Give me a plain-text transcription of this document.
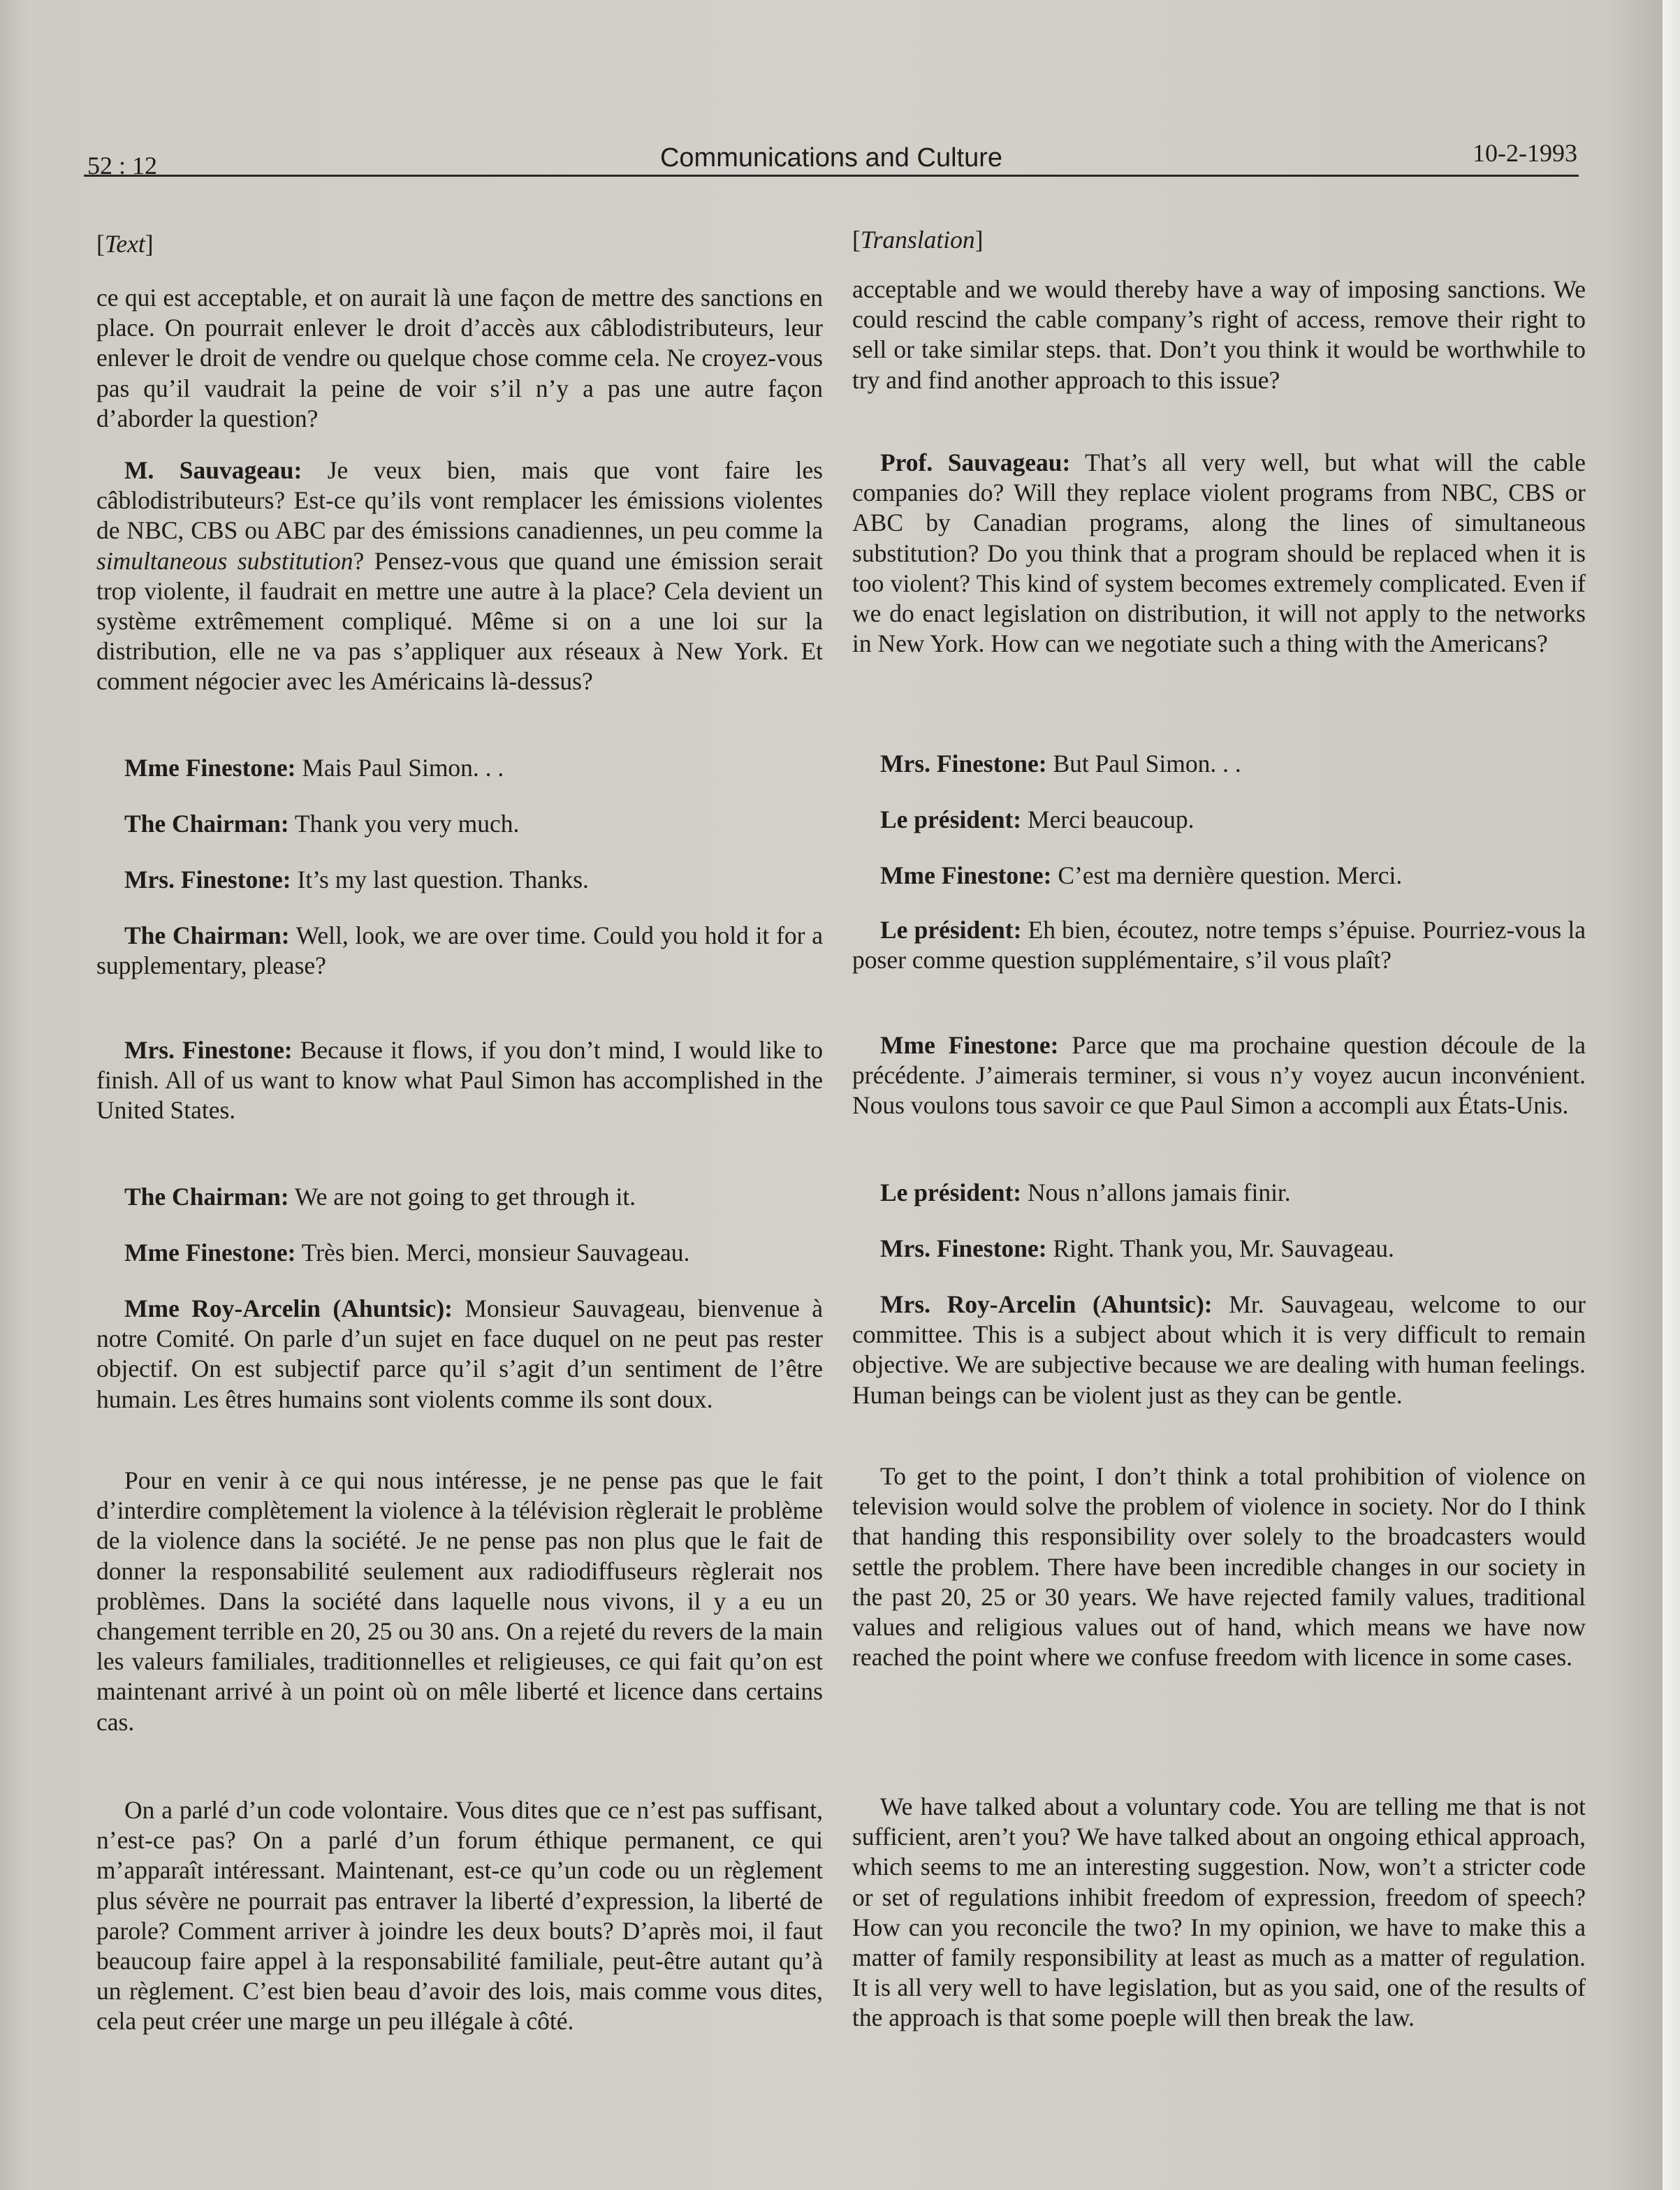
52 : 12	Communications and Culture	10-2-1993
[Text]

ce qui est acceptable, et on aurait là une façon de mettre des sanctions en place. On pourrait enlever le droit d’accès aux câblodistributeurs, leur enlever le droit de vendre ou quelque chose comme cela. Ne croyez-vous pas qu’il vaudrait la peine de voir s’il n’y a pas une autre façon d’aborder la question?

M. Sauvageau: Je veux bien, mais que vont faire les câblodistributeurs? Est-ce qu’ils vont remplacer les émissions violentes de NBC, CBS ou ABC par des émissions canadiennes, un peu comme la simultaneous substitution? Pensez-vous que quand une émission serait trop violente, il faudrait en mettre une autre à la place? Cela devient un système extrêmement compliqué. Même si on a une loi sur la distribution, elle ne va pas s’appliquer aux réseaux à New York. Et comment négocier avec les Américains là-dessus?

Mme Finestone: Mais Paul Simon. . .

The Chairman: Thank you very much.

Mrs. Finestone: It’s my last question. Thanks.

The Chairman: Well, look, we are over time. Could you hold it for a supplementary, please?

Mrs. Finestone: Because it flows, if you don’t mind, I would like to finish. All of us want to know what Paul Simon has accomplished in the United States.

The Chairman: We are not going to get through it.

Mme Finestone: Très bien. Merci, monsieur Sauvageau.

Mme Roy-Arcelin (Ahuntsic): Monsieur Sauvageau, bienvenue à notre Comité. On parle d’un sujet en face duquel on ne peut pas rester objectif. On est subjectif parce qu’il s’agit d’un sentiment de l’être humain. Les êtres humains sont violents comme ils sont doux.

Pour en venir à ce qui nous intéresse, je ne pense pas que le fait d’interdire complètement la violence à la télévision règlerait le problème de la violence dans la société. Je ne pense pas non plus que le fait de donner la responsabilité seulement aux radiodiffuseurs règlerait nos problèmes. Dans la société dans laquelle nous vivons, il y a eu un changement terrible en 20, 25 ou 30 ans. On a rejeté du revers de la main les valeurs familiales, traditionnelles et religieuses, ce qui fait qu’on est maintenant arrivé à un point où on mêle liberté et licence dans certains cas.

On a parlé d’un code volontaire. Vous dites que ce n’est pas suffisant, n’est-ce pas? On a parlé d’un forum éthique permanent, ce qui m’apparaît intéressant. Maintenant, est-ce qu’un code ou un règlement plus sévère ne pourrait pas entraver la liberté d’expression, la liberté de parole? Comment arriver à joindre les deux bouts? D’après moi, il faut beaucoup faire appel à la responsabilité familiale, peut-être autant qu’à un règlement. C’est bien beau d’avoir des lois, mais comme vous dites, cela peut créer une marge un peu illégale à côté.

[Translation]

acceptable and we would thereby have a way of imposing sanctions. We could rescind the cable company’s right of access, remove their right to sell or take similar steps. that. Don’t you think it would be worthwhile to try and find another approach to this issue?

Prof. Sauvageau: That’s all very well, but what will the cable companies do? Will they replace violent programs from NBC, CBS or ABC by Canadian programs, along the lines of simultaneous substitution? Do you think that a program should be replaced when it is too violent? This kind of system becomes extremely complicated. Even if we do enact legislation on distribution, it will not apply to the networks in New York. How can we negotiate such a thing with the Americans?

Mrs. Finestone: But Paul Simon. . .

Le président: Merci beaucoup.

Mme Finestone: C’est ma dernière question. Merci.

Le président: Eh bien, écoutez, notre temps s’épuise. Pourriez-vous la poser comme question supplémentaire, s’il vous plaît?

Mme Finestone: Parce que ma prochaine question découle de la précédente. J’aimerais terminer, si vous n’y voyez aucun inconvénient. Nous voulons tous savoir ce que Paul Simon a accompli aux États-Unis.

Le président: Nous n’allons jamais finir.

Mrs. Finestone: Right. Thank you, Mr. Sauvageau.

Mrs. Roy-Arcelin (Ahuntsic): Mr. Sauvageau, welcome to our committee. This is a subject about which it is very difficult to remain objective. We are subjective because we are dealing with human feelings. Human beings can be violent just as they can be gentle.

To get to the point, I don’t think a total prohibition of violence on television would solve the problem of violence in society. Nor do I think that handing this responsibility over solely to the broadcasters would settle the problem. There have been incredible changes in our society in the past 20, 25 or 30 years. We have rejected family values, traditional values and religious values out of hand, which means we have now reached the point where we confuse freedom with licence in some cases.

We have talked about a voluntary code. You are telling me that is not sufficient, aren’t you? We have talked about an ongoing ethical approach, which seems to me an interesting suggestion. Now, won’t a stricter code or set of regulations inhibit freedom of expression, freedom of speech? How can you reconcile the two? In my opinion, we have to make this a matter of family responsibility at least as much as a matter of regulation. It is all very well to have legislation, but as you said, one of the results of the approach is that some poeple will then break the law.
